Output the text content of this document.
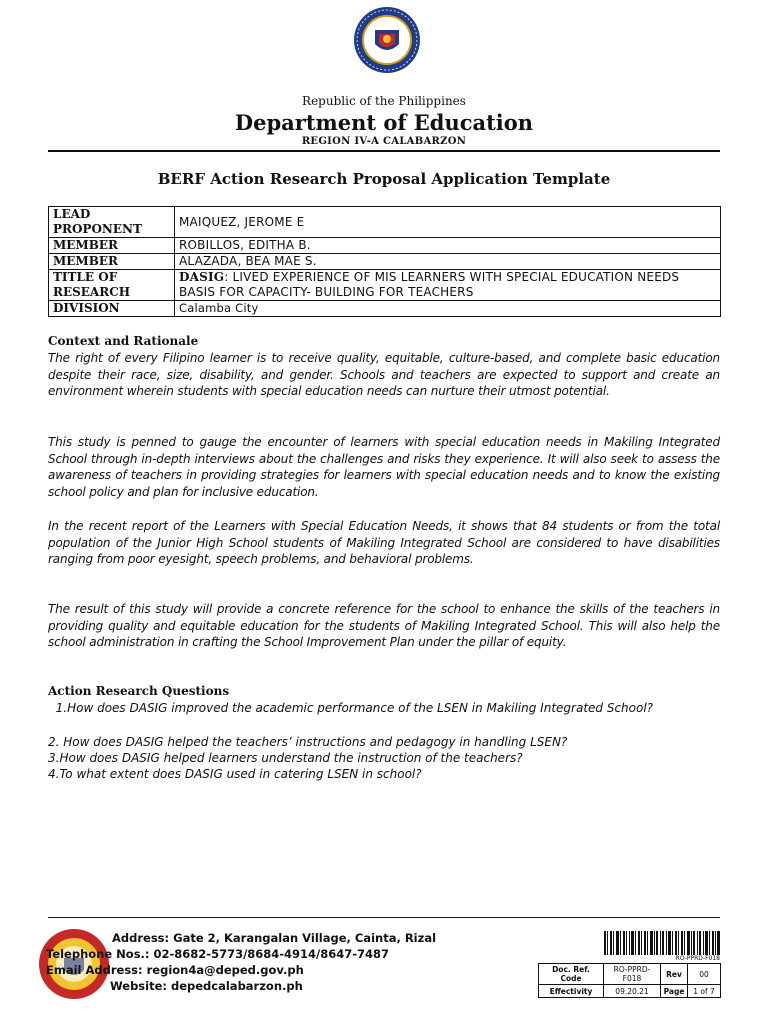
Republic of the Philippines
Department of Education
REGION IV-A CALABARZON
BERF Action Research Proposal Application Template
LEAD PROPONENT	MAIQUEZ, JEROME E
MEMBER	ROBILLOS, EDITHA B.
MEMBER	ALAZADA, BEA MAE S.
TITLE OF RESEARCH	DASIG: LIVED EXPERIENCE OF MIS LEARNERS WITH SPECIAL EDUCATION NEEDS BASIS FOR CAPACITY- BUILDING FOR TEACHERS
DIVISION	Calamba City
Context and Rationale
The right of every Filipino learner is to receive quality, equitable, culture-based, and complete basic education despite their race, size, disability, and gender. Schools and teachers are expected to support and create an environment wherein students with special education needs can nurture their utmost potential.
This study is penned to gauge the encounter of learners with special education needs in Makiling Integrated School through in-depth interviews about the challenges and risks they experience. It will also seek to assess the awareness of teachers in providing strategies for learners with special education needs and to know the existing school policy and plan for inclusive education.
In the recent report of the Learners with Special Education Needs, it shows that 84 students or from the total population of the Junior High School students of Makiling Integrated School are considered to have disabilities ranging from poor eyesight, speech problems, and behavioral problems.
The result of this study will provide a concrete reference for the school to enhance the skills of the teachers in providing quality and equitable education for the students of Makiling Integrated School. This will also help the school administration in crafting the School Improvement Plan under the pillar of equity.
Action Research Questions
1.How does DASIG improved the academic performance of the LSEN in Makiling Integrated School?
2. How does DASIG helped the teachers’ instructions and pedagogy in handling LSEN?
3.How does DASIG helped learners understand the instruction of the teachers?
4.To what extent does DASIG used in catering LSEN in school?
Address: Gate 2, Karangalan Village, Cainta, Rizal
Telephone Nos.: 02-8682-5773/8684-4914/8647-7487
Email Address: region4a@deped.gov.ph
Website: depedcalabarzon.ph
RO-PPRD-F018
Doc. Ref. Code	RO-PPRD-F018	Rev	00
Effectivity	09.20.21	Page	1 of 7
